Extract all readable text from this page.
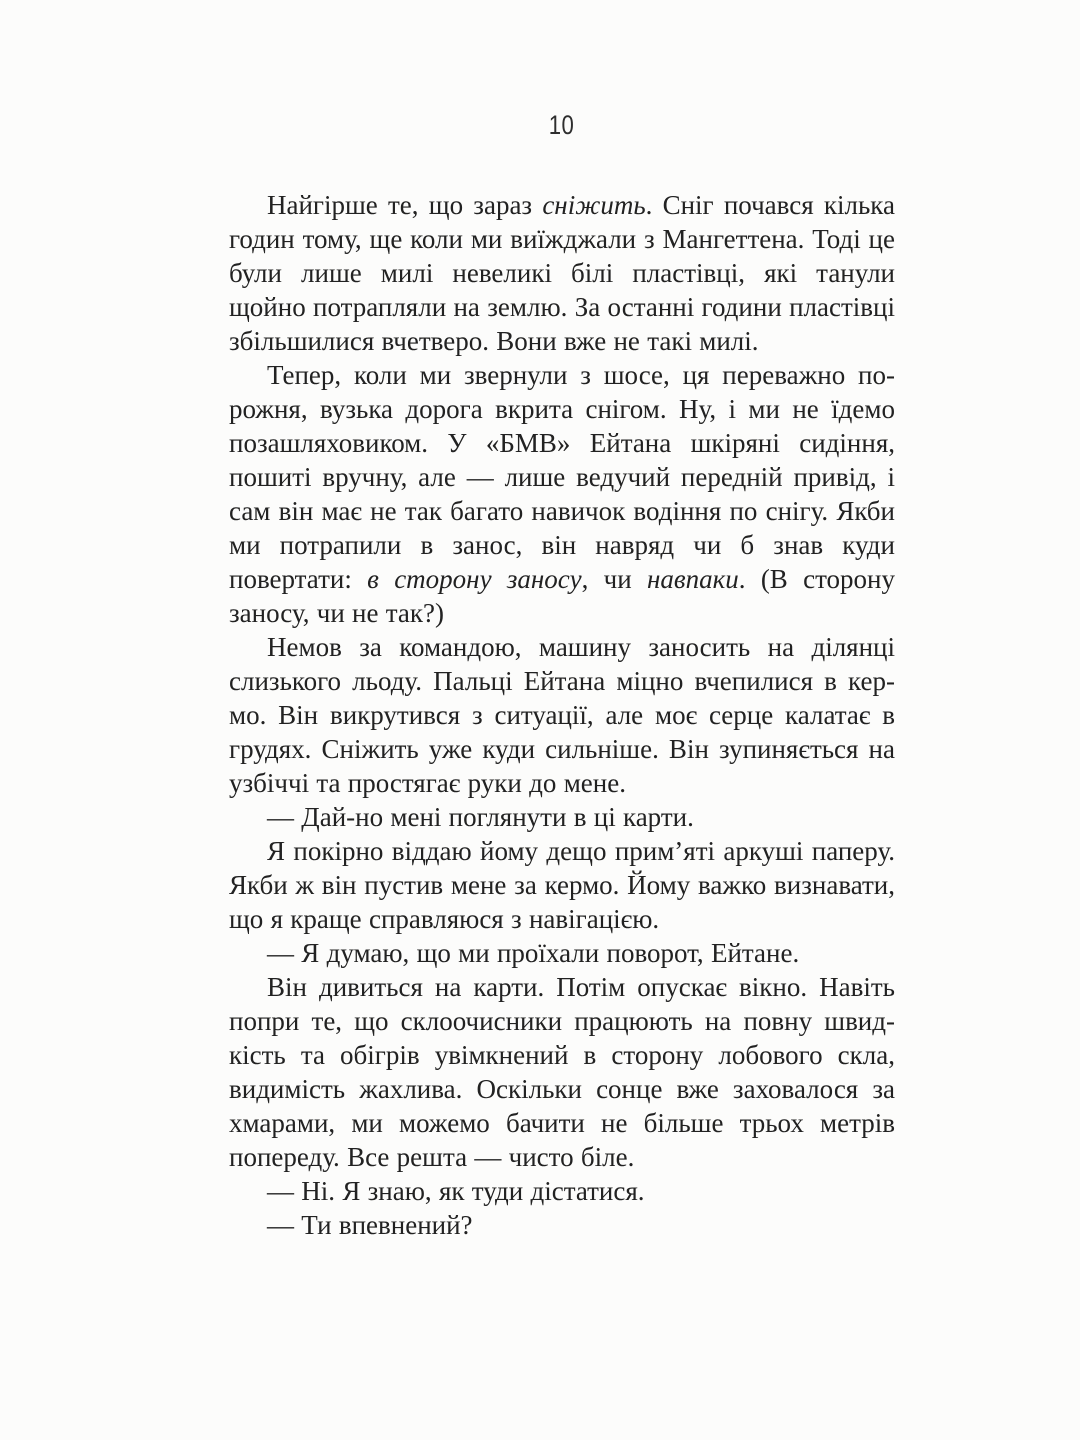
10

Найгірше те, що зараз сніжить. Сніг почався кілька годин тому, ще коли ми виїжджали з Мангеттена. Тоді це були лише милі невеликі білі пластівці, які танули щойно потрапляли на землю. За останні години пластівці збільшилися вчетверо. Вони вже не такі милі.

Тепер, коли ми звернули з шосе, ця переважно порожня, вузька дорога вкрита снігом. Ну, і ми не їдемо позашляховиком. У «БМВ» Ейтана шкіряні сидіння, пошиті вручну, але — лише ведучий передній привід, і сам він має не так багато навичок водіння по снігу. Якби ми потрапили в занос, він навряд чи б знав куди повертати: в сторону заносу, чи навпаки. (В сторону заносу, чи не так?)

Немов за командою, машину заносить на ділянці слизького льоду. Пальці Ейтана міцно вчепилися в кермо. Він викрутився з ситуації, але моє серце калатає в грудях. Сніжить уже куди сильніше. Він зупиняється на узбіччі та простягає руки до мене.

— Дай-но мені поглянути в ці карти.

Я покірно віддаю йому дещо прим’яті аркуші паперу. Якби ж він пустив мене за кермо. Йому важко визнавати, що я краще справляюся з навігацією.

— Я думаю, що ми проїхали поворот, Ейтане.

Він дивиться на карти. Потім опускає вікно. Навіть попри те, що склоочисники працюють на повну швидкість та обігрів увімкнений в сторону лобового скла, видимість жахлива. Оскільки сонце вже заховалося за хмарами, ми можемо бачити не більше трьох метрів попереду. Все решта — чисто біле.

— Ні. Я знаю, як туди дістатися.

— Ти впевнений?
